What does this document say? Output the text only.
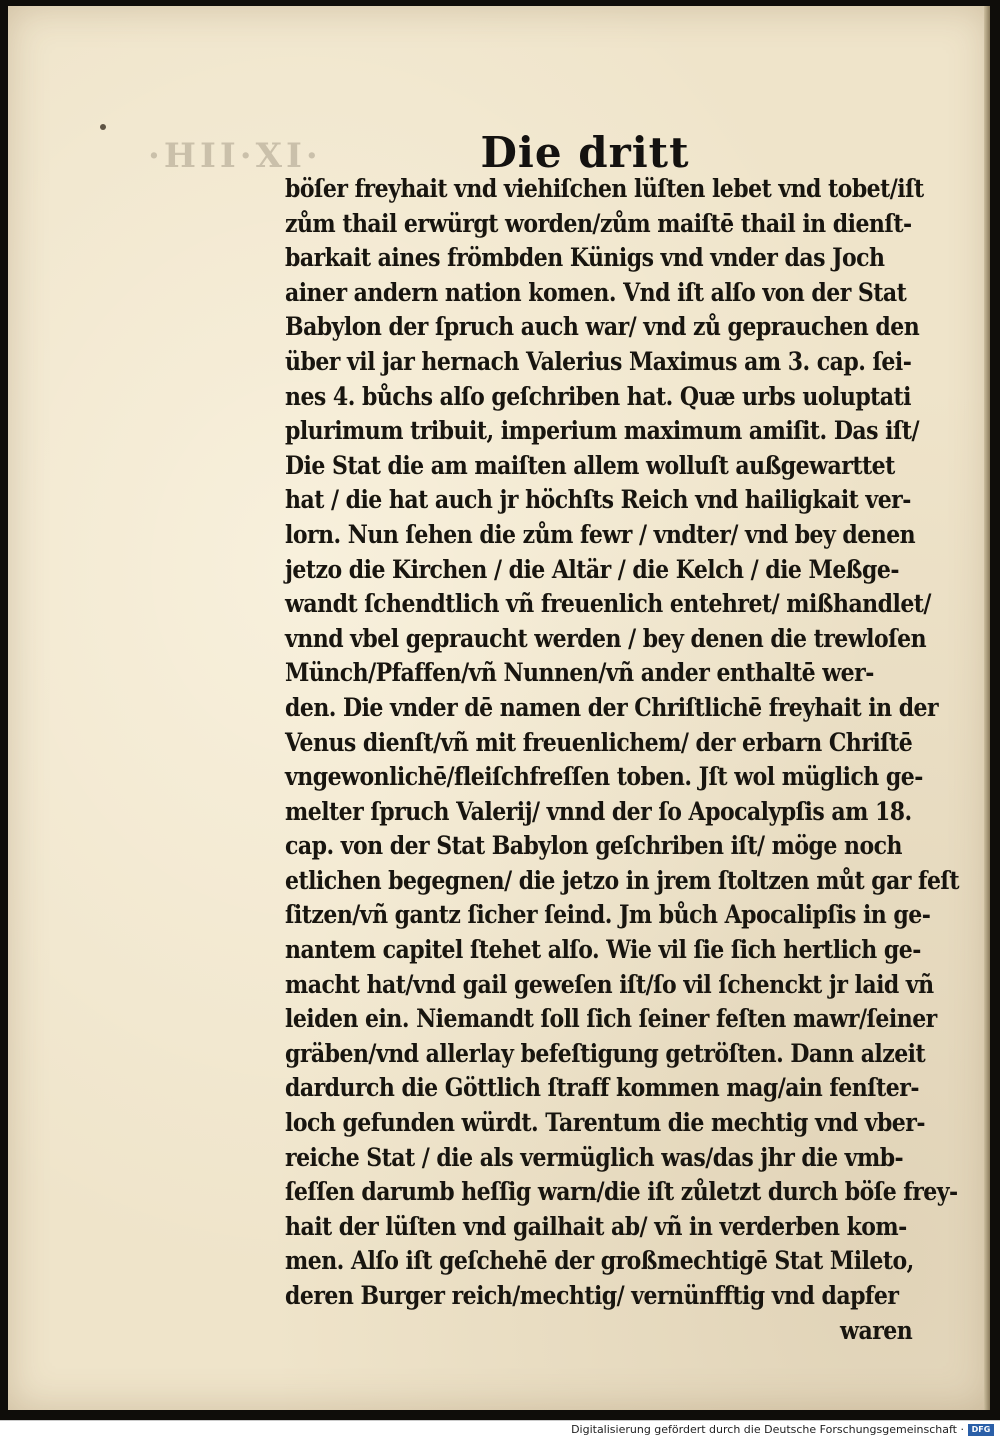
·HII·XI·	Die dritt
böſer freyhait vnd viehiſchen lüſten lebet vnd tobet/iſt
zům thail erwürgt worden/zům maiſtē thail in dienſt‑
barkait aines frömbden Künigs vnd vnder das Joch
ainer andern nation komen. Vnd iſt alſo von der Stat
Babylon der ſpruch auch war/ vnd zů geprauchen den
über vil jar hernach Valerius Maximus am 3. cap. ſei‑
nes 4. bůchs alſo geſchriben hat. Quæ urbs uoluptati
plurimum tribuit, imperium maximum amiſit. Das iſt/
Die Stat die am maiſten allem wolluſt außgewarttet
hat / die hat auch jr höchſts Reich vnd hailigkait ver‑
lorn. Nun ſehen die zům fewr / vndter/ vnd bey denen
jetzo die Kirchen / die Altär / die Kelch / die Meßge‑
wandt ſchendtlich vñ freuenlich entehret/ mißhandlet/
vnnd vbel gepraucht werden / bey denen die trewloſen
Münch/Pfaffen/vñ Nunnen/vñ ander enthaltē wer‑
den. Die vnder dē namen der Chriſtlichē freyhait in der
Venus dienſt/vñ mit freuenlichem/ der erbarn Chriſtē
vngewonlichē/fleiſchfreſſen toben. Jſt wol müglich ge‑
melter ſpruch Valerij/ vnnd der ſo Apocalypſis am 18.
cap. von der Stat Babylon geſchriben iſt/ möge noch
etlichen begegnen/ die jetzo in jrem ſtoltzen můt gar feſt
ſitzen/vñ gantz ſicher ſeind. Jm bůch Apocalipſis in ge‑
nantem capitel ſtehet alſo. Wie vil ſie ſich hertlich ge‑
macht hat/vnd gail geweſen iſt/ſo vil ſchenckt jr laid vñ
leiden ein. Niemandt ſoll ſich ſeiner feſten mawr/ſeiner
gräben/vnd allerlay befeſtigung getröſten. Dann alzeit
dardurch die Göttlich ſtraff kommen mag/ain fenſter‑
loch gefunden würdt. Tarentum die mechtig vnd vber‑
reiche Stat / die als vermüglich was/das jhr die vmb‑
ſeſſen darumb heſſig warn/die iſt zůletzt durch böſe frey‑
hait der lüſten vnd gailhait ab/ vñ in verderben kom‑
men. Alſo iſt geſchehē der großmechtigē Stat Mileto,
deren Burger reich/mechtig/ vernünfftig vnd dapfer
waren
Digitalisierung gefördert durch die Deutsche Forschungsgemeinschaft · DFG
